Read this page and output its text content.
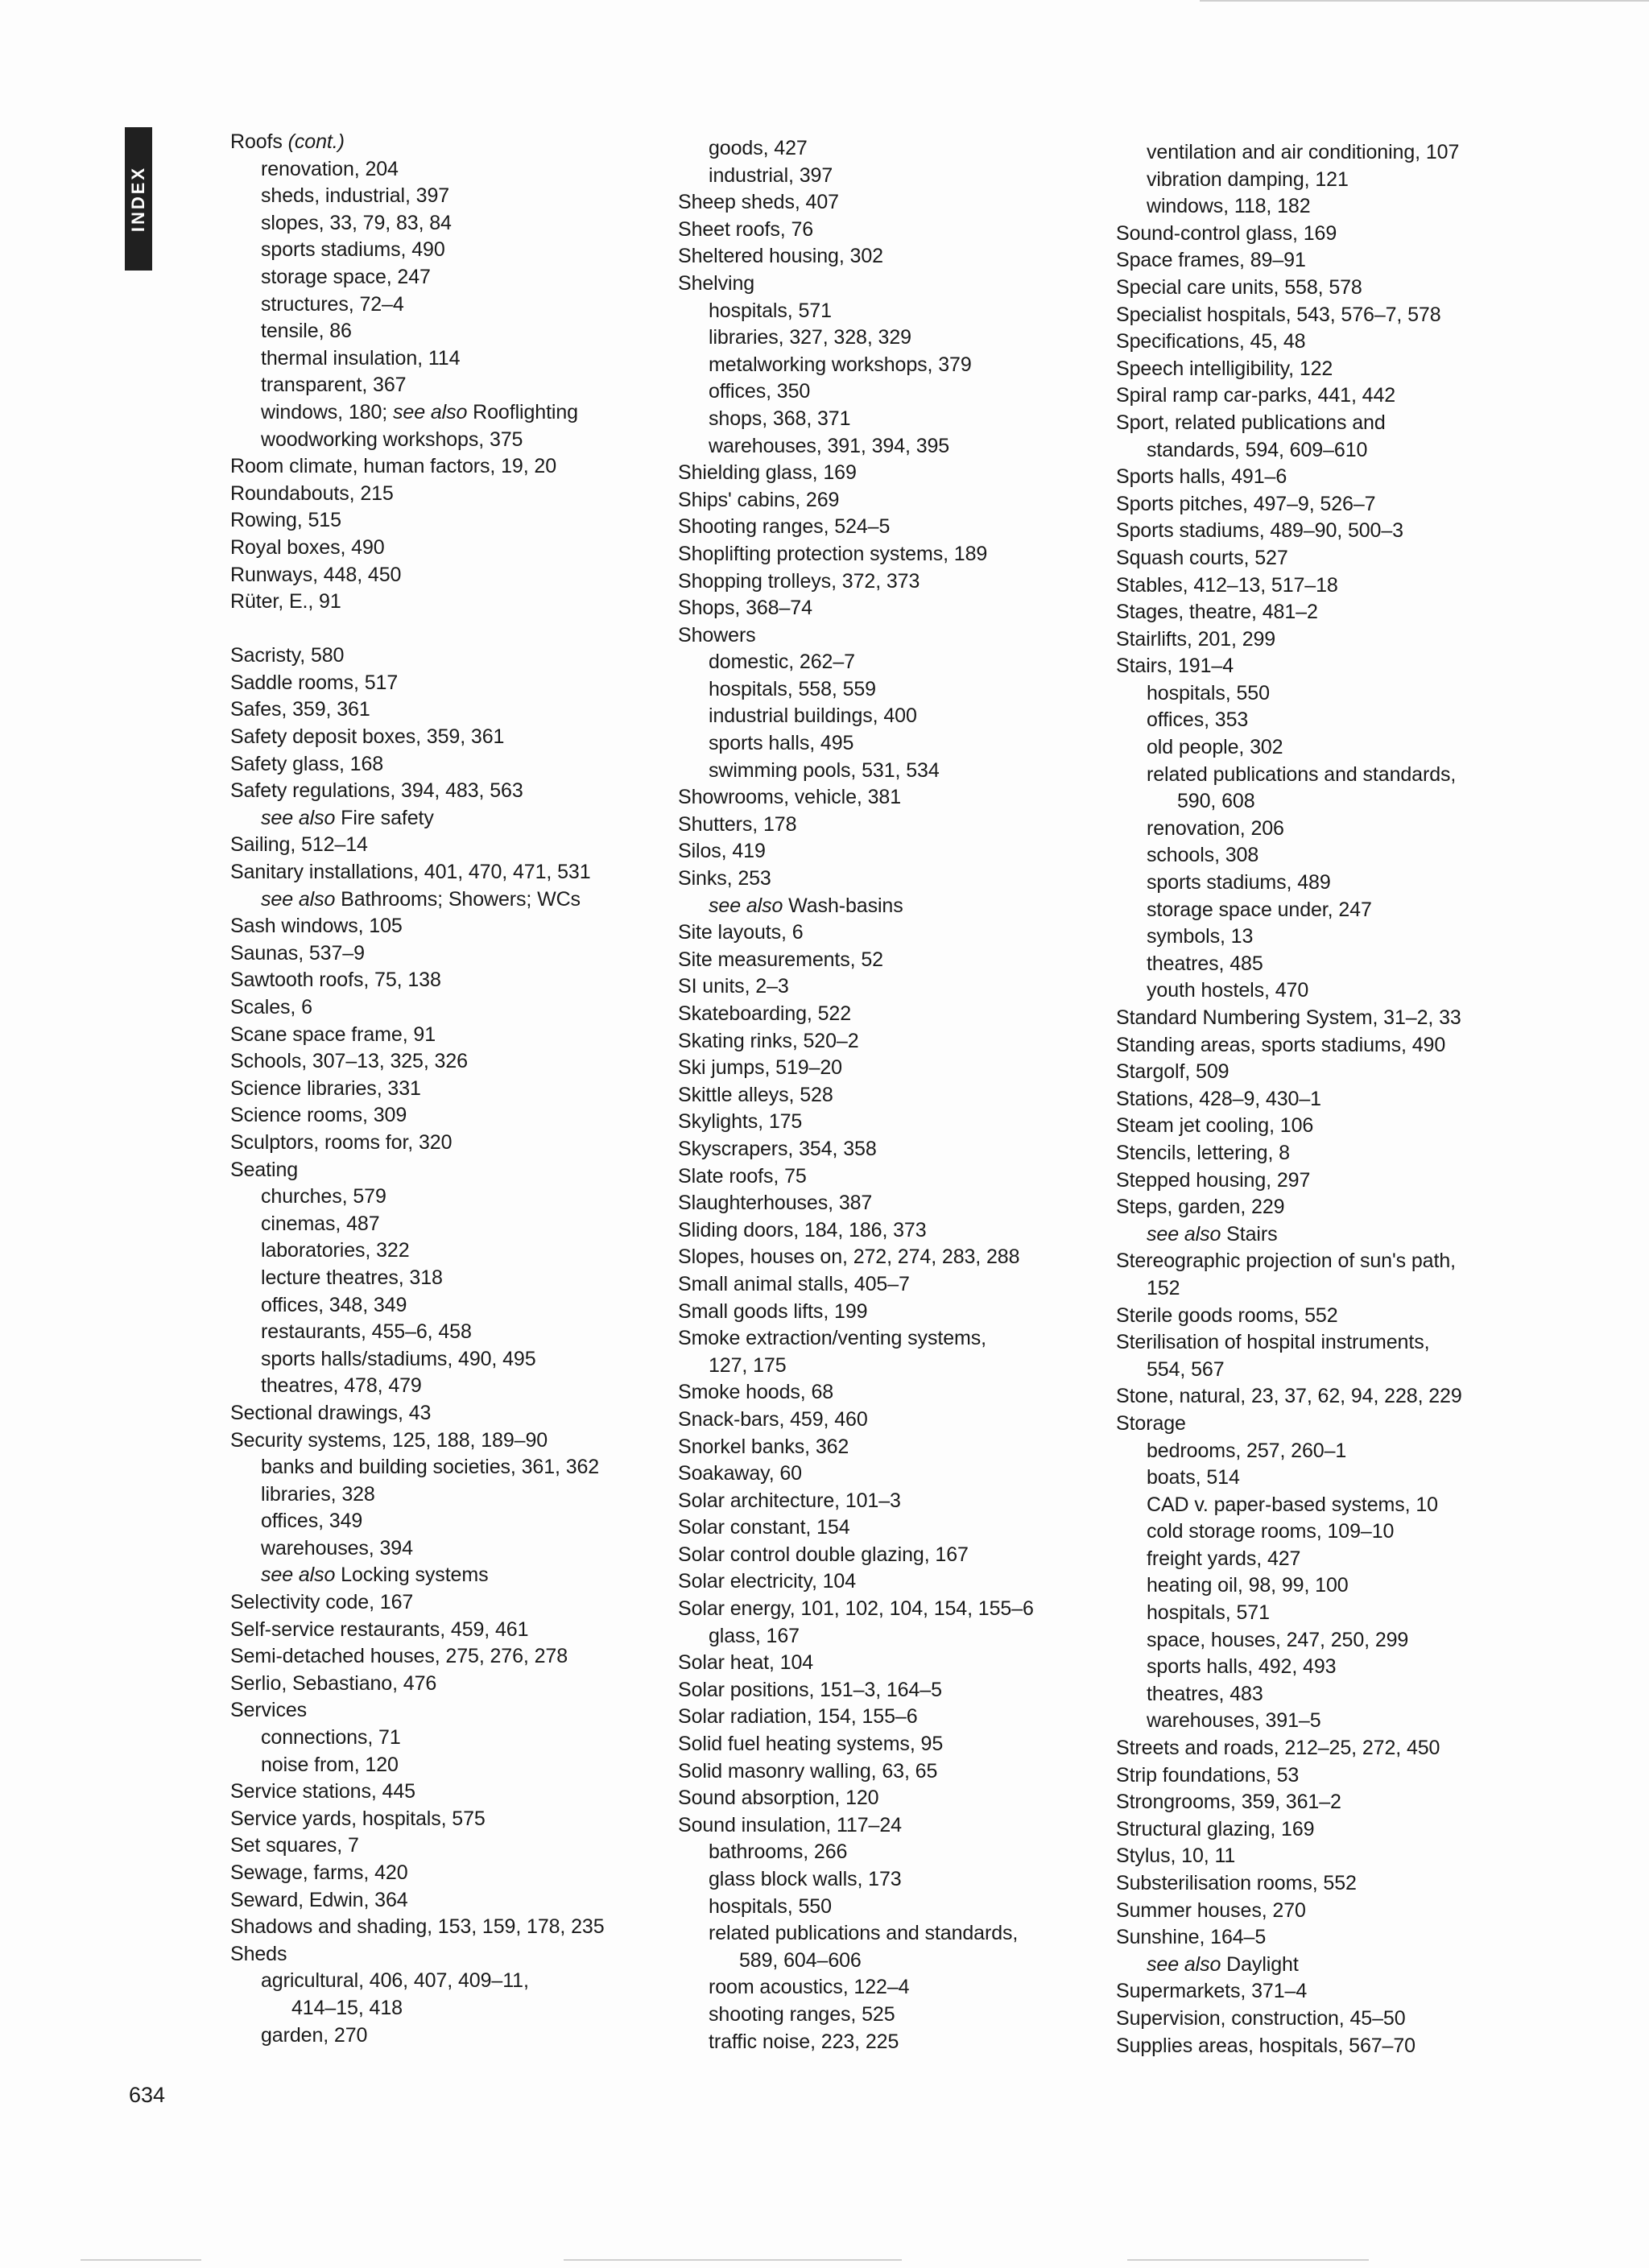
INDEX
Roofs (cont.)
renovation, 204
sheds, industrial, 397
slopes, 33, 79, 83, 84
sports stadiums, 490
storage space, 247
structures, 72–4
tensile, 86
thermal insulation, 114
transparent, 367
windows, 180; see also Rooflighting
woodworking workshops, 375
Room climate, human factors, 19, 20
Roundabouts, 215
Rowing, 515
Royal boxes, 490
Runways, 448, 450
Rüter, E., 91
Sacristy, 580
Saddle rooms, 517
Safes, 359, 361
Safety deposit boxes, 359, 361
Safety glass, 168
Safety regulations, 394, 483, 563
see also Fire safety
Sailing, 512–14
Sanitary installations, 401, 470, 471, 531
see also Bathrooms; Showers; WCs
Sash windows, 105
Saunas, 537–9
Sawtooth roofs, 75, 138
Scales, 6
Scane space frame, 91
Schools, 307–13, 325, 326
Science libraries, 331
Science rooms, 309
Sculptors, rooms for, 320
Seating
churches, 579
cinemas, 487
laboratories, 322
lecture theatres, 318
offices, 348, 349
restaurants, 455–6, 458
sports halls/stadiums, 490, 495
theatres, 478, 479
Sectional drawings, 43
Security systems, 125, 188, 189–90
banks and building societies, 361, 362
libraries, 328
offices, 349
warehouses, 394
see also Locking systems
Selectivity code, 167
Self-service restaurants, 459, 461
Semi-detached houses, 275, 276, 278
Serlio, Sebastiano, 476
Services
connections, 71
noise from, 120
Service stations, 445
Service yards, hospitals, 575
Set squares, 7
Sewage, farms, 420
Seward, Edwin, 364
Shadows and shading, 153, 159, 178, 235
Sheds
agricultural, 406, 407, 409–11,
414–15, 418
garden, 270
goods, 427
industrial, 397
Sheep sheds, 407
Sheet roofs, 76
Sheltered housing, 302
Shelving
hospitals, 571
libraries, 327, 328, 329
metalworking workshops, 379
offices, 350
shops, 368, 371
warehouses, 391, 394, 395
Shielding glass, 169
Ships' cabins, 269
Shooting ranges, 524–5
Shoplifting protection systems, 189
Shopping trolleys, 372, 373
Shops, 368–74
Showers
domestic, 262–7
hospitals, 558, 559
industrial buildings, 400
sports halls, 495
swimming pools, 531, 534
Showrooms, vehicle, 381
Shutters, 178
Silos, 419
Sinks, 253
see also Wash-basins
Site layouts, 6
Site measurements, 52
SI units, 2–3
Skateboarding, 522
Skating rinks, 520–2
Ski jumps, 519–20
Skittle alleys, 528
Skylights, 175
Skyscrapers, 354, 358
Slate roofs, 75
Slaughterhouses, 387
Sliding doors, 184, 186, 373
Slopes, houses on, 272, 274, 283, 288
Small animal stalls, 405–7
Small goods lifts, 199
Smoke extraction/venting systems,
127, 175
Smoke hoods, 68
Snack-bars, 459, 460
Snorkel banks, 362
Soakaway, 60
Solar architecture, 101–3
Solar constant, 154
Solar control double glazing, 167
Solar electricity, 104
Solar energy, 101, 102, 104, 154, 155–6
glass, 167
Solar heat, 104
Solar positions, 151–3, 164–5
Solar radiation, 154, 155–6
Solid fuel heating systems, 95
Solid masonry walling, 63, 65
Sound absorption, 120
Sound insulation, 117–24
bathrooms, 266
glass block walls, 173
hospitals, 550
related publications and standards,
589, 604–606
room acoustics, 122–4
shooting ranges, 525
traffic noise, 223, 225
ventilation and air conditioning, 107
vibration damping, 121
windows, 118, 182
Sound-control glass, 169
Space frames, 89–91
Special care units, 558, 578
Specialist hospitals, 543, 576–7, 578
Specifications, 45, 48
Speech intelligibility, 122
Spiral ramp car-parks, 441, 442
Sport, related publications and
standards, 594, 609–610
Sports halls, 491–6
Sports pitches, 497–9, 526–7
Sports stadiums, 489–90, 500–3
Squash courts, 527
Stables, 412–13, 517–18
Stages, theatre, 481–2
Stairlifts, 201, 299
Stairs, 191–4
hospitals, 550
offices, 353
old people, 302
related publications and standards,
590, 608
renovation, 206
schools, 308
sports stadiums, 489
storage space under, 247
symbols, 13
theatres, 485
youth hostels, 470
Standard Numbering System, 31–2, 33
Standing areas, sports stadiums, 490
Stargolf, 509
Stations, 428–9, 430–1
Steam jet cooling, 106
Stencils, lettering, 8
Stepped housing, 297
Steps, garden, 229
see also Stairs
Stereographic projection of sun's path,
152
Sterile goods rooms, 552
Sterilisation of hospital instruments,
554, 567
Stone, natural, 23, 37, 62, 94, 228, 229
Storage
bedrooms, 257, 260–1
boats, 514
CAD v. paper-based systems, 10
cold storage rooms, 109–10
freight yards, 427
heating oil, 98, 99, 100
hospitals, 571
space, houses, 247, 250, 299
sports halls, 492, 493
theatres, 483
warehouses, 391–5
Streets and roads, 212–25, 272, 450
Strip foundations, 53
Strongrooms, 359, 361–2
Structural glazing, 169
Stylus, 10, 11
Substerilisation rooms, 552
Summer houses, 270
Sunshine, 164–5
see also Daylight
Supermarkets, 371–4
Supervision, construction, 45–50
Supplies areas, hospitals, 567–70
634
